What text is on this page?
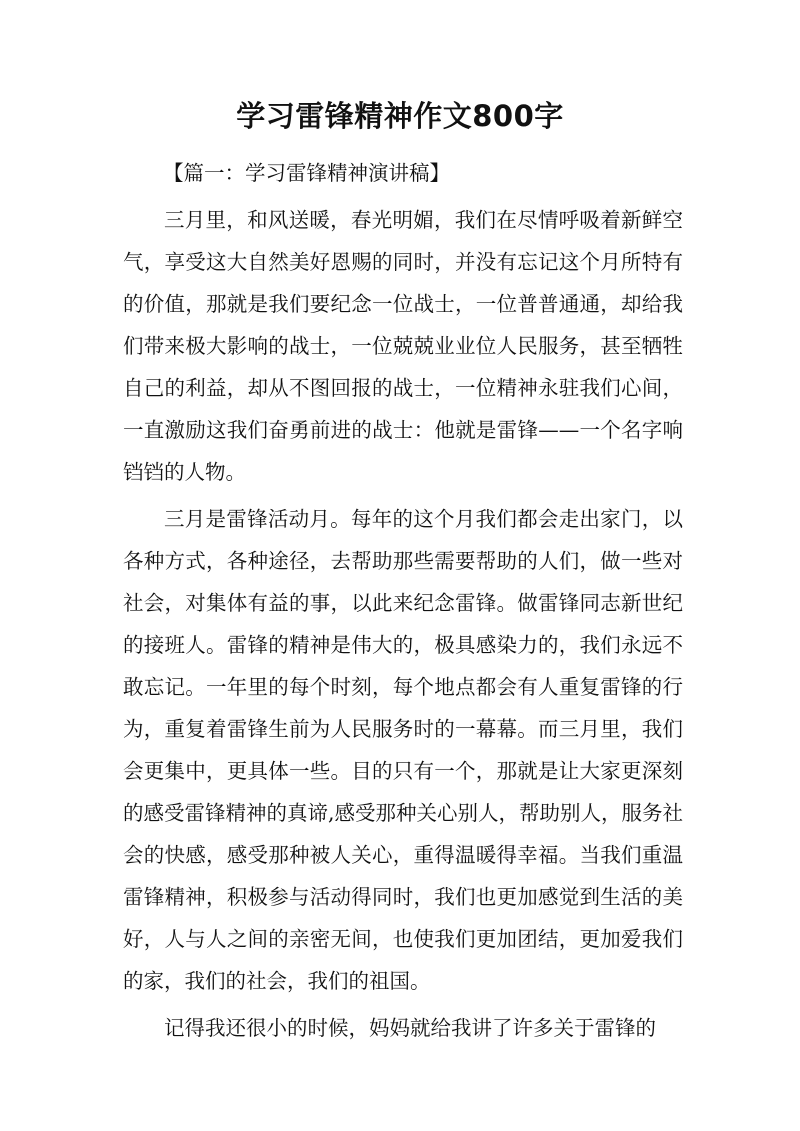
学习雷锋精神作文800字

【篇一：学习雷锋精神演讲稿】

三月里，和风送暖，春光明媚，我们在尽情呼吸着新鲜空气，享受这大自然美好恩赐的同时，并没有忘记这个月所特有的价值，那就是我们要纪念一位战士，一位普普通通，却给我们带来极大影响的战士，一位兢兢业业位人民服务，甚至牺牲自己的利益，却从不图回报的战士，一位精神永驻我们心间，一直激励这我们奋勇前进的战士：他就是雷锋——一个名字响铛铛的人物。

三月是雷锋活动月。每年的这个月我们都会走出家门，以各种方式，各种途径，去帮助那些需要帮助的人们，做一些对社会，对集体有益的事，以此来纪念雷锋。做雷锋同志新世纪的接班人。雷锋的精神是伟大的，极具感染力的，我们永远不敢忘记。一年里的每个时刻，每个地点都会有人重复雷锋的行为，重复着雷锋生前为人民服务时的一幕幕。而三月里，我们会更集中，更具体一些。目的只有一个，那就是让大家更深刻的感受雷锋精神的真谛,感受那种关心别人，帮助别人，服务社会的快感，感受那种被人关心，重得温暖得幸福。当我们重温雷锋精神，积极参与活动得同时，我们也更加感觉到生活的美好，人与人之间的亲密无间，也使我们更加团结，更加爱我们的家，我们的社会，我们的祖国。

记得我还很小的时候，妈妈就给我讲了许多关于雷锋的
